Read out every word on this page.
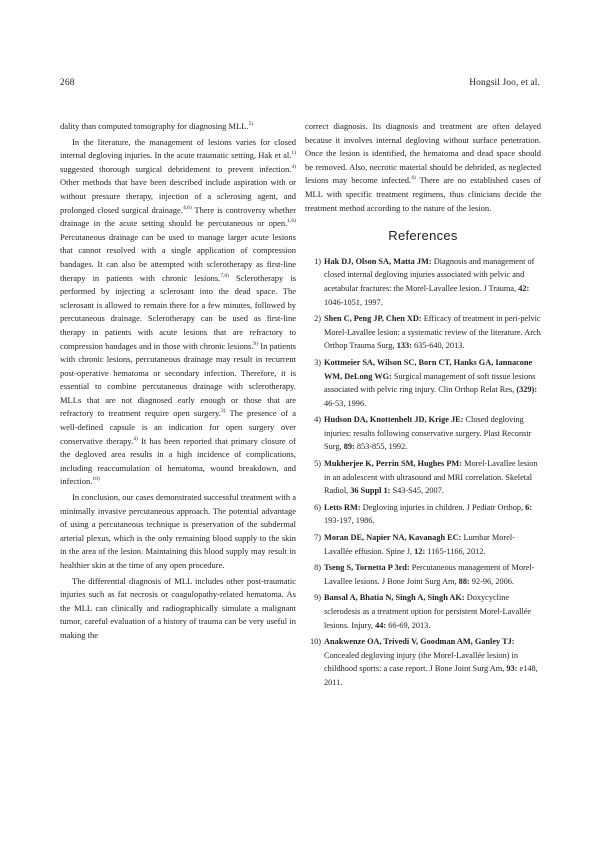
268	Hongsil Joo, et al.

dality than computed tomography for diagnosing MLL.$^{5)}$

In the literature, the management of lesions varies for closed internal degloving injuries. In the acute traumatic setting, Hak et al.$^{1)}$ suggested thorough surgical debridement to prevent infection.$^{4)}$ Other methods that have been described include aspiration with or without pressure therapy, injection of a sclerosing agent, and prolonged closed surgical drainage.$^{4,6)}$ There is controversy whether drainage in the acute setting should be percutaneous or open.$^{1,6)}$ Percutaneous drainage can be used to manage larger acute lesions that cannot resolved with a single application of compression bandages. It can also be attempted with sclerotherapy as first-line therapy in patients with chronic lesions.$^{7,8)}$ Sclerotherapy is performed by injecting a sclerosant into the dead space. The sclerosant is allowed to remain there for a few minutes, followed by percutaneous drainage. Sclerotherapy can be used as first-line therapy in patients with acute lesions that are refractory to compression bandages and in those with chronic lesions.$^{9)}$ In patients with chronic lesions, percutaneous drainage may result in recurrent post-operative hematoma or secondary infection. Therefore, it is essential to combine percutaneous drainage with sclerotherapy. MLLs that are not diagnosed early enough or those that are refractory to treatment require open surgery.$^{3)}$ The presence of a well-defined capsule is an indication for open surgery over conservative therapy.$^{4)}$ It has been reported that primary closure of the degloved area results in a high incidence of complications, including reaccumulation of hematoma, wound breakdown, and infection.$^{10)}$

In conclusion, our cases demonstrated successful treatment with a minimally invasive percutaneous approach. The potential advantage of using a percutaneous technique is preservation of the subdermal arterial plexus, which is the only remaining blood supply to the skin in the area of the lesion. Maintaining this blood supply may result in healthier skin at the time of any open procedure.

The differential diagnosis of MLL includes other post-traumatic injuries such as fat necrosis or coagulopathy-related hematoma. As the MLL can clinically and radiographically simulate a malignant tumor, careful evaluation of a history of trauma can be very useful in making the

correct diagnosis. Its diagnosis and treatment are often delayed because it involves internal degloving without surface penetration. Once the lesion is identified, the hematoma and dead space should be removed. Also, necrotic material should be debrided, as neglected lesions may become infected.$^{4)}$ There are no established cases of MLL with specific treatment regimens, thus clinicians decide the treatment method according to the nature of the lesion.

References
1) Hak DJ, Olson SA, Matta JM: Diagnosis and management of closed internal degloving injuries associated with pelvic and acetabular fractures: the Morel-Lavallee lesion. J Trauma, 42: 1046-1051, 1997.
2) Shen C, Peng JP, Chen XD: Efficacy of treatment in peri-pelvic Morel-Lavallee lesion: a systematic review of the literature. Arch Orthop Trauma Surg, 133: 635-640, 2013.
3) Kottmeier SA, Wilson SC, Born CT, Hanks GA, Iannacone WM, DeLong WG: Surgical management of soft tissue lesions associated with pelvic ring injury. Clin Orthop Relat Res, (329): 46-53, 1996.
4) Hudson DA, Knottenbelt JD, Krige JE: Closed degloving injuries: results following conservative surgery. Plast Reconstr Surg, 89: 853-855, 1992.
5) Mukherjee K, Perrin SM, Hughes PM: Morel-Lavallee lesion in an adolescent with ultrasound and MRI correlation. Skeletal Radiol, 36 Suppl 1: S43-S45, 2007.
6) Letts RM: Degloving injuries in children. J Pediatr Orthop, 6: 193-197, 1986.
7) Moran DE, Napier NA, Kavanagh EC: Lumbar Morel-Lavallée effusion. Spine J, 12: 1165-1166, 2012.
8) Tseng S, Tornetta P 3rd: Percutaneous management of Morel-Lavallee lesions. J Bone Joint Surg Am, 88: 92-96, 2006.
9) Bansal A, Bhatia N, Singh A, Singh AK: Doxycycline sclerodesis as a treatment option for persistent Morel-Lavallée lesions. Injury, 44: 66-69, 2013.
10) Anakwenze OA, Trivedi V, Goodman AM, Ganley TJ: Concealed degloving injury (the Morel-Lavallée lesion) in childhood sports: a case report. J Bone Joint Surg Am, 93: e148, 2011.
